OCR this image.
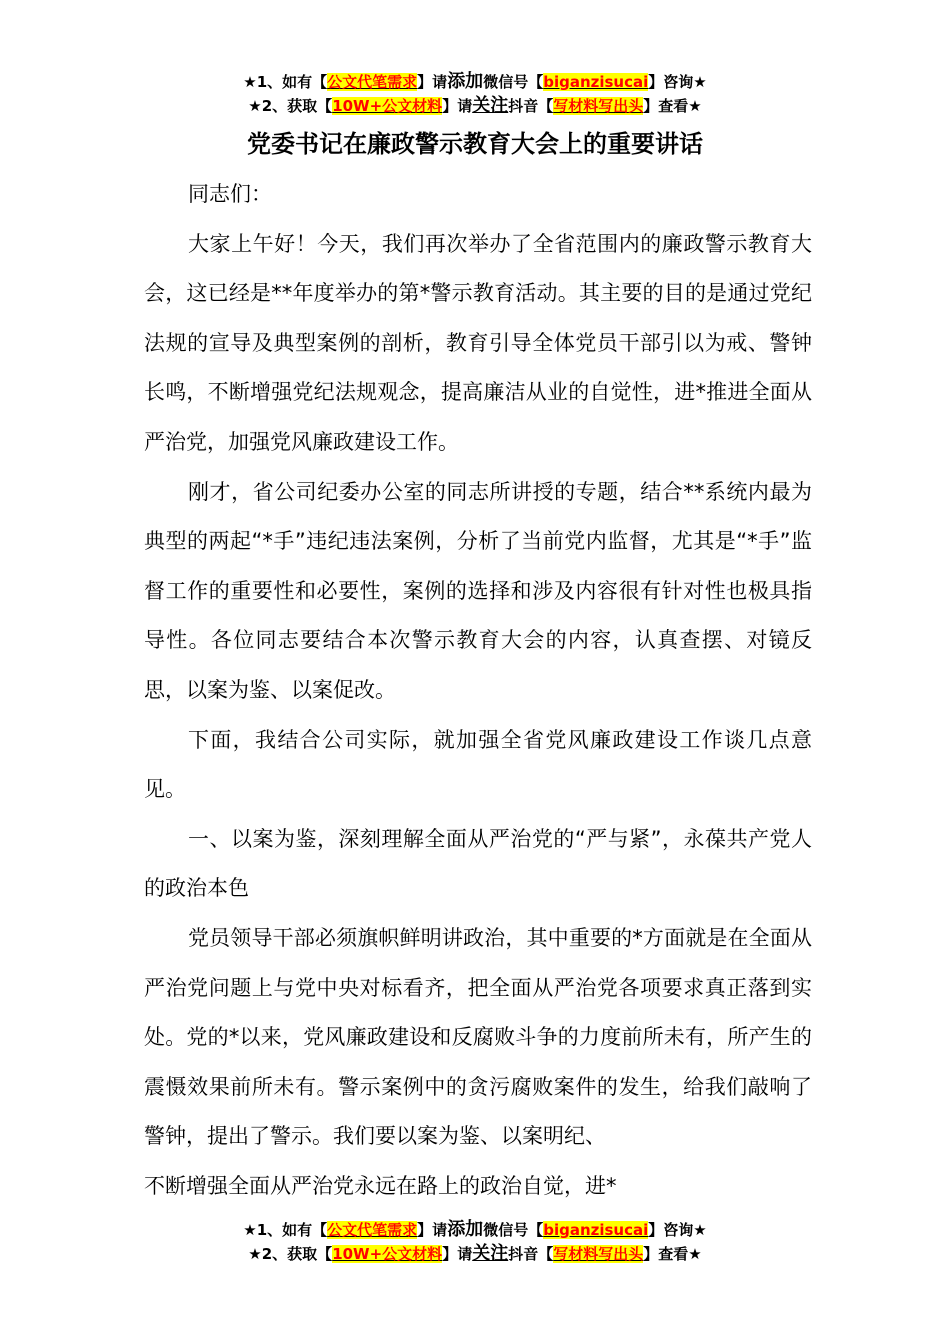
★1、如有【公文代笔需求】请添加微信号【biganzisucai】咨询★
★2、获取【10W+公文材料】请关注抖音【写材料写出头】查看★
党委书记在廉政警示教育大会上的重要讲话

同志们：

大家上午好！今天，我们再次举办了全省范围内的廉政警示教育大会，这已经是**年度举办的第*警示教育活动。其主要的目的是通过党纪法规的宣导及典型案例的剖析，教育引导全体党员干部引以为戒、警钟长鸣，不断增强党纪法规观念，提高廉洁从业的自觉性，进*推进全面从严治党，加强党风廉政建设工作。

刚才，省公司纪委办公室的同志所讲授的专题，结合**系统内最为典型的两起“*手”违纪违法案例，分析了当前党内监督，尤其是“*手”监督工作的重要性和必要性，案例的选择和涉及内容很有针对性也极具指导性。各位同志要结合本次警示教育大会的内容，认真查摆、对镜反思，以案为鉴、以案促改。

下面，我结合公司实际，就加强全省党风廉政建设工作谈几点意见。

一、以案为鉴，深刻理解全面从严治党的“严与紧”，永葆共产党人的政治本色

党员领导干部必须旗帜鲜明讲政治，其中重要的*方面就是在全面从严治党问题上与党中央对标看齐，把全面从严治党各项要求真正落到实处。党的*以来，党风廉政建设和反腐败斗争的力度前所未有，所产生的震慑效果前所未有。警示案例中的贪污腐败案件的发生，给我们敲响了警钟，提出了警示。我们要以案为鉴、以案明纪、

不断增强全面从严治党永远在路上的政治自觉，进*

★1、如有【公文代笔需求】请添加微信号【biganzisucai】咨询★
★2、获取【10W+公文材料】请关注抖音【写材料写出头】查看★
